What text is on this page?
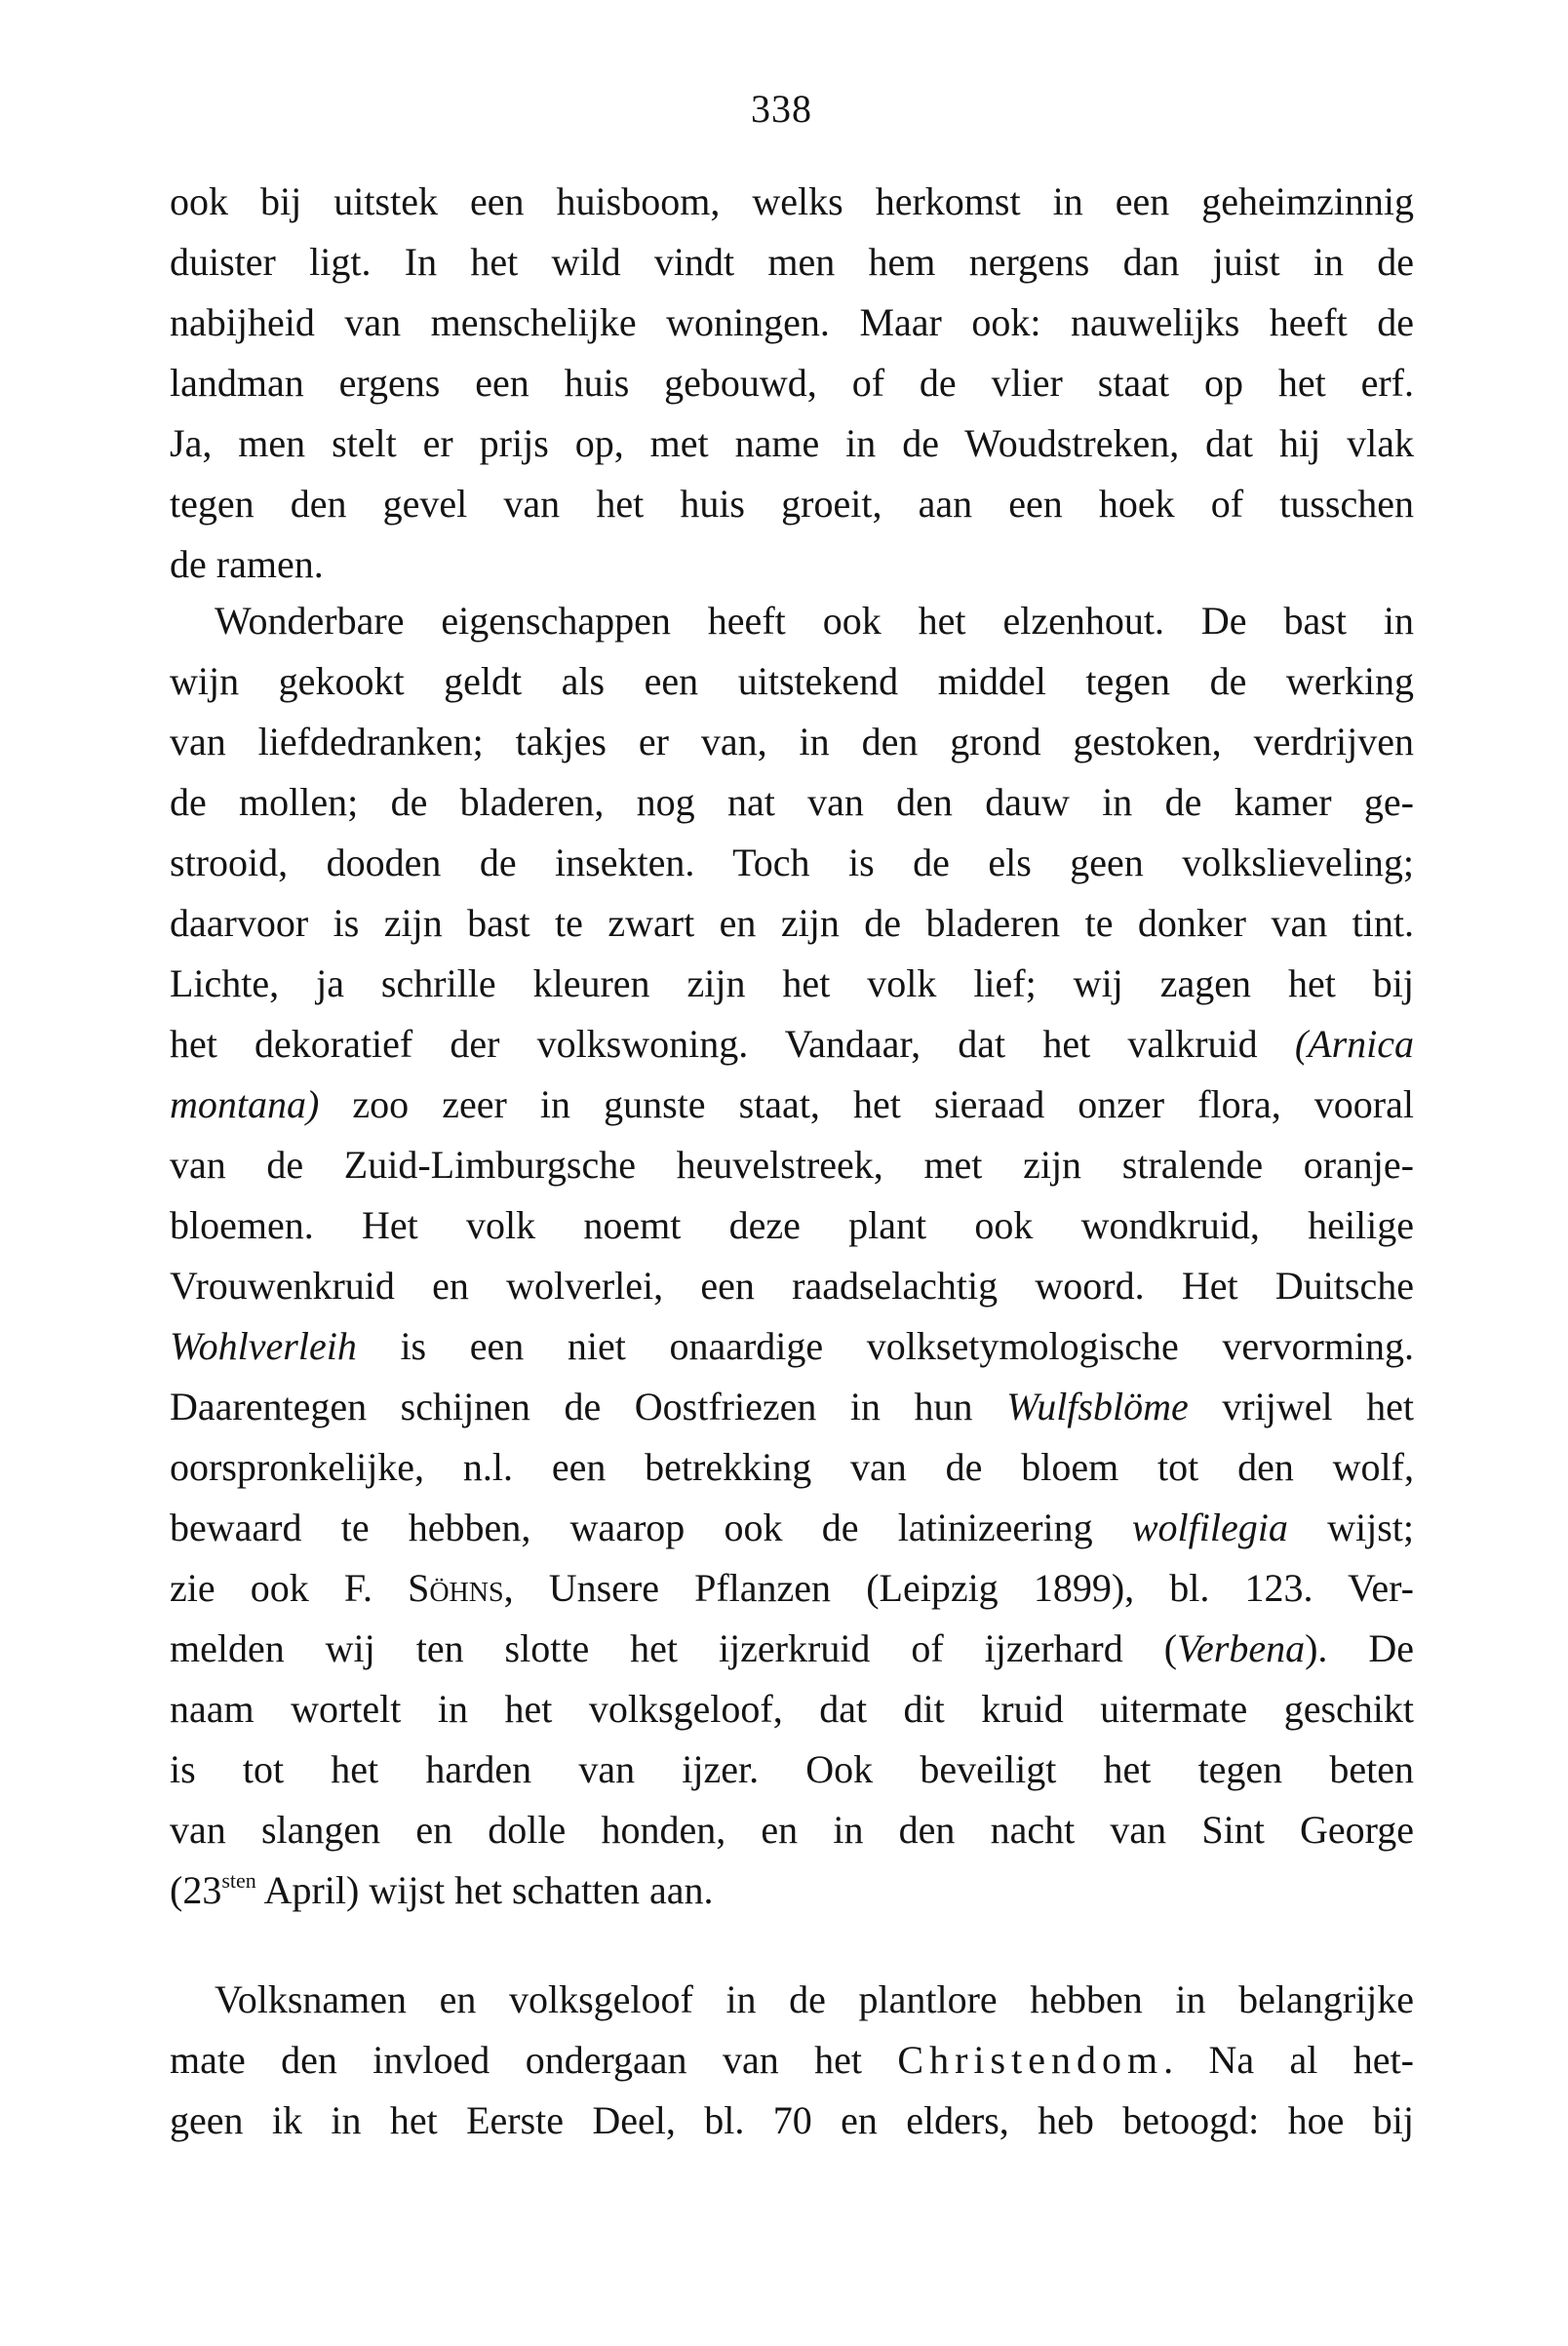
338
ook bij uitstek een huisboom, welks herkomst in een geheimzinnig
duister ligt. In het wild vindt men hem nergens dan juist in de
nabijheid van menschelijke woningen. Maar ook: nauwelijks heeft de
landman ergens een huis gebouwd, of de vlier staat op het erf.
Ja, men stelt er prijs op, met name in de Woudstreken, dat hij vlak
tegen den gevel van het huis groeit, aan een hoek of tusschen
de ramen.
Wonderbare eigenschappen heeft ook het elzenhout. De bast in
wijn gekookt geldt als een uitstekend middel tegen de werking
van liefdedranken; takjes er van, in den grond gestoken, verdrijven
de mollen; de bladeren, nog nat van den dauw in de kamer ge-
strooid, dooden de insekten. Toch is de els geen volkslieveling;
daarvoor is zijn bast te zwart en zijn de bladeren te donker van tint.
Lichte, ja schrille kleuren zijn het volk lief; wij zagen het bij
het dekoratief der volkswoning. Vandaar, dat het valkruid (Arnica
montana) zoo zeer in gunste staat, het sieraad onzer flora, vooral
van de Zuid-Limburgsche heuvelstreek, met zijn stralende oranje-
bloemen. Het volk noemt deze plant ook wondkruid, heilige
Vrouwenkruid en wolverlei, een raadselachtig woord. Het Duitsche
Wohlverleih is een niet onaardige volksetymologische vervorming.
Daarentegen schijnen de Oostfriezen in hun Wulfsblöme vrijwel het
oorspronkelijke, n.l. een betrekking van de bloem tot den wolf,
bewaard te hebben, waarop ook de latinizeering wolfilegia wijst;
zie ook F. Söhns, Unsere Pflanzen (Leipzig 1899), bl. 123. Ver-
melden wij ten slotte het ijzerkruid of ijzerhard (Verbena). De
naam wortelt in het volksgeloof, dat dit kruid uitermate geschikt
is tot het harden van ijzer. Ook beveiligt het tegen beten
van slangen en dolle honden, en in den nacht van Sint George
($23^{sten}$ April) wijst het schatten aan.
Volksnamen en volksgeloof in de plantlore hebben in belangrijke
mate den invloed ondergaan van het Christendom. Na al het-
geen ik in het Eerste Deel, bl. 70 en elders, heb betoogd: hoe bij
